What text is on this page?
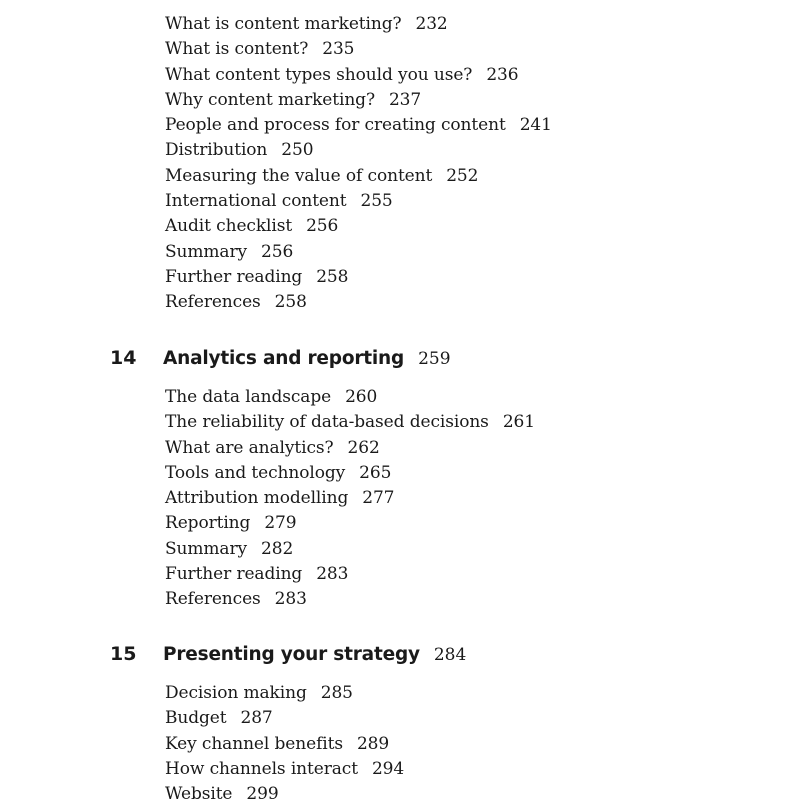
What is content marketing? 232
What is content? 235
What content types should you use? 236
Why content marketing? 237
People and process for creating content 241
Distribution 250
Measuring the value of content 252
International content 255
Audit checklist 256
Summary 256
Further reading 258
References 258
14	Analytics and reporting 259
The data landscape 260
The reliability of data-based decisions 261
What are analytics? 262
Tools and technology 265
Attribution modelling 277
Reporting 279
Summary 282
Further reading 283
References 283
15	Presenting your strategy 284
Decision making 285
Budget 287
Key channel benefits 289
How channels interact 294
Website 299
